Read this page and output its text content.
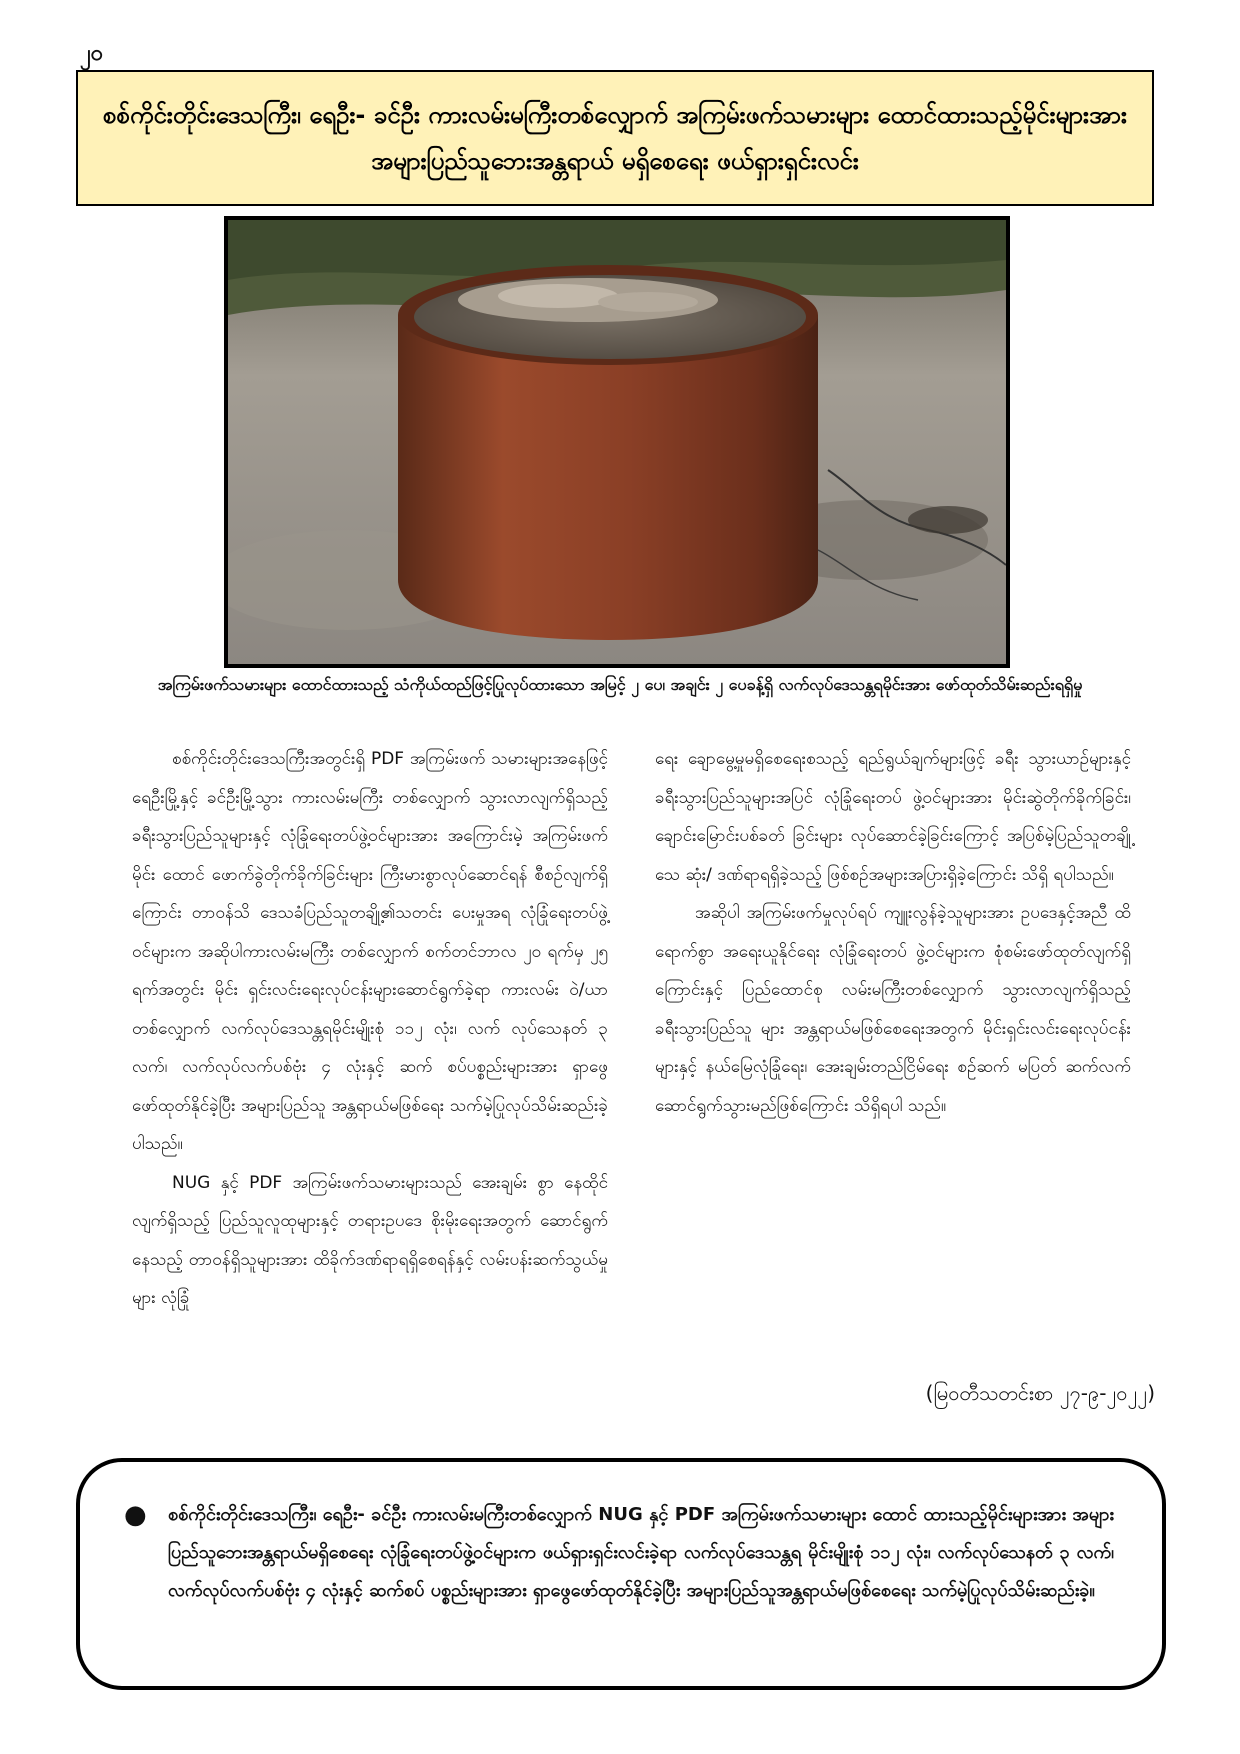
၂၀
စစ်ကိုင်းတိုင်းဒေသကြီး၊ ရေဦး- ခင်ဦး ကားလမ်းမကြီးတစ်လျှောက် အကြမ်းဖက်သမားများ ထောင်ထားသည့်မိုင်းများအား အများပြည်သူဘေးအန္တရာယ် မရှိစေရေး ဖယ်ရှားရှင်းလင်း
အကြမ်းဖက်သမားများ ထောင်ထားသည့် သံကိုယ်ထည်ဖြင့်ပြုလုပ်ထားသော အမြင့် ၂ ပေ၊ အချင်း ၂ ပေခန့်ရှိ လက်လုပ်ဒေသန္တရမိုင်းအား ဖော်ထုတ်သိမ်းဆည်းရရှိမှု

စစ်ကိုင်းတိုင်းဒေသကြီးအတွင်းရှိ PDF အကြမ်းဖက် သမားများအနေဖြင့် ရေဦးမြို့နှင့် ခင်ဦးမြို့သွား ကားလမ်းမကြီး တစ်လျှောက် သွားလာလျက်ရှိသည့် ခရီးသွားပြည်သူများနှင့် လုံခြုံရေးတပ်ဖွဲ့ဝင်များအား အကြောင်းမဲ့ အကြမ်းဖက်မိုင်း ထောင် ဖောက်ခွဲတိုက်ခိုက်ခြင်းများ ကြီးမားစွာလုပ်ဆောင်ရန် စီစဉ်လျက်ရှိကြောင်း တာဝန်သိ ဒေသခံပြည်သူတချို့၏သတင်း ပေးမှုအရ လုံခြုံရေးတပ်ဖွဲ့ဝင်များက အဆိုပါကားလမ်းမကြီး တစ်လျှောက် စက်တင်ဘာလ ၂၀ ရက်မှ ၂၅ ရက်အတွင်း မိုင်း ရှင်းလင်းရေးလုပ်ငန်းများဆောင်ရွက်ခဲ့ရာ ကားလမ်း ဝဲ/ယာ တစ်လျှောက် လက်လုပ်ဒေသန္တရမိုင်းမျိုးစုံ ၁၁၂ လုံး၊ လက် လုပ်သေနတ် ၃ လက်၊ လက်လုပ်လက်ပစ်ဗုံး ၄ လုံးနှင့် ဆက် စပ်ပစ္စည်းများအား ရှာဖွေဖော်ထုတ်နိုင်ခဲ့ပြီး အများပြည်သူ အန္တရာယ်မဖြစ်ရေး သက်မဲ့ပြုလုပ်သိမ်းဆည်းခဲ့ပါသည်။

NUG နှင့် PDF အကြမ်းဖက်သမားများသည် အေးချမ်း စွာ နေထိုင်လျက်ရှိသည့် ပြည်သူလူထုများနှင့် တရားဥပဒေ စိုးမိုးရေးအတွက် ဆောင်ရွက်နေသည့် တာဝန်ရှိသူများအား ထိခိုက်ဒဏ်ရာရရှိစေရန်နှင့် လမ်းပန်းဆက်သွယ်မှုများ လုံခြုံ

ရေး ချောမွေ့မှုမရှိစေရေးစသည့် ရည်ရွယ်ချက်များဖြင့် ခရီး သွားယာဉ်များနှင့် ခရီးသွားပြည်သူများအပြင် လုံခြုံရေးတပ် ဖွဲ့ဝင်များအား မိုင်းဆွဲတိုက်ခိုက်ခြင်း၊ ချောင်းမြောင်းပစ်ခတ် ခြင်းများ လုပ်ဆောင်ခဲ့ခြင်းကြောင့် အပြစ်မဲ့ပြည်သူတချို့ သေ ဆုံး/ ဒဏ်ရာရရှိခဲ့သည့် ဖြစ်စဉ်အများအပြားရှိခဲ့ကြောင်း သိရှိ ရပါသည်။

အဆိုပါ အကြမ်းဖက်မှုလုပ်ရပ် ကျူးလွန်ခဲ့သူများအား ဥပဒေနှင့်အညီ ထိရောက်စွာ အရေးယူနိုင်ရေး လုံခြုံရေးတပ် ဖွဲ့ဝင်များက စုံစမ်းဖော်ထုတ်လျက်ရှိကြောင်းနှင့် ပြည်ထောင်စု လမ်းမကြီးတစ်လျှောက် သွားလာလျက်ရှိသည့် ခရီးသွားပြည်သူ များ အန္တရာယ်မဖြစ်စေရေးအတွက် မိုင်းရှင်းလင်းရေးလုပ်ငန်း များနှင့် နယ်မြေလုံခြုံရေး၊ အေးချမ်းတည်ငြိမ်ရေး စဉ်ဆက် မပြတ် ဆက်လက်ဆောင်ရွက်သွားမည်ဖြစ်ကြောင်း သိရှိရပါ သည်။

(မြဝတီသတင်းစာ ၂၇-၉-၂၀၂၂)
● စစ်ကိုင်းတိုင်းဒေသကြီး၊ ရေဦး- ခင်ဦး ကားလမ်းမကြီးတစ်လျှောက် NUG နှင့် PDF အကြမ်းဖက်သမားများ ထောင် ထားသည့်မိုင်းများအား အများပြည်သူဘေးအန္တရာယ်မရှိစေရေး လုံခြုံရေးတပ်ဖွဲ့ဝင်များက ဖယ်ရှားရှင်းလင်းခဲ့ရာ လက်လုပ်ဒေသန္တရ မိုင်းမျိုးစုံ ၁၁၂ လုံး၊ လက်လုပ်သေနတ် ၃ လက်၊ လက်လုပ်လက်ပစ်ဗုံး ၄ လုံးနှင့် ဆက်စပ် ပစ္စည်းများအား ရှာဖွေဖော်ထုတ်နိုင်ခဲ့ပြီး အများပြည်သူအန္တရာယ်မဖြစ်စေရေး သက်မဲ့ပြုလုပ်သိမ်းဆည်းခဲ့။
